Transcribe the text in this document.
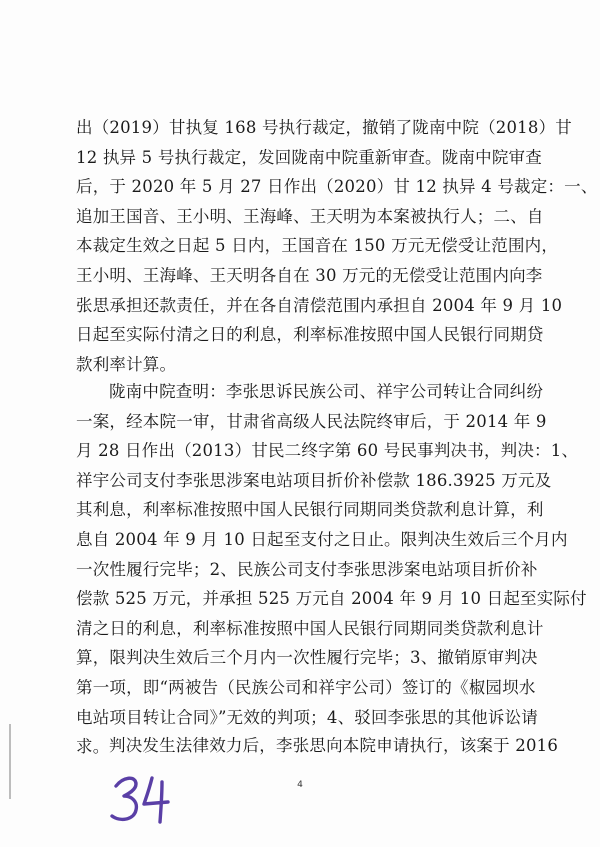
出（2019）甘执复 168 号执行裁定，撤销了陇南中院（2018）甘
12 执异 5 号执行裁定，发回陇南中院重新审查。陇南中院审查
后，于 2020 年 5 月 27 日作出（2020）甘 12 执异 4 号裁定：一、
追加王国音、王小明、王海峰、王天明为本案被执行人；二、自
本裁定生效之日起 5 日内，王国音在 150 万元无偿受让范围内，
王小明、王海峰、王天明各自在 30 万元的无偿受让范围内向李
张思承担还款责任，并在各自清偿范围内承担自 2004 年 9 月 10
日起至实际付清之日的利息，利率标准按照中国人民银行同期贷
款利率计算。
陇南中院查明：李张思诉民族公司、祥宇公司转让合同纠纷
一案，经本院一审，甘肃省高级人民法院终审后，于 2014 年 9
月 28 日作出（2013）甘民二终字第 60 号民事判决书，判决：1、
祥宇公司支付李张思涉案电站项目折价补偿款 186.3925 万元及
其利息，利率标准按照中国人民银行同期同类贷款利息计算，利
息自 2004 年 9 月 10 日起至支付之日止。限判决生效后三个月内
一次性履行完毕；2、民族公司支付李张思涉案电站项目折价补
偿款 525 万元，并承担 525 万元自 2004 年 9 月 10 日起至实际付
清之日的利息，利率标准按照中国人民银行同期同类贷款利息计
算，限判决生效后三个月内一次性履行完毕；3、撤销原审判决
第一项，即“两被告（民族公司和祥宇公司）签订的《椒园坝水
电站项目转让合同》”无效的判项；4、驳回李张思的其他诉讼请
求。 判决发生法律效力后，李张思向本院申请执行，该案于 2016
4
